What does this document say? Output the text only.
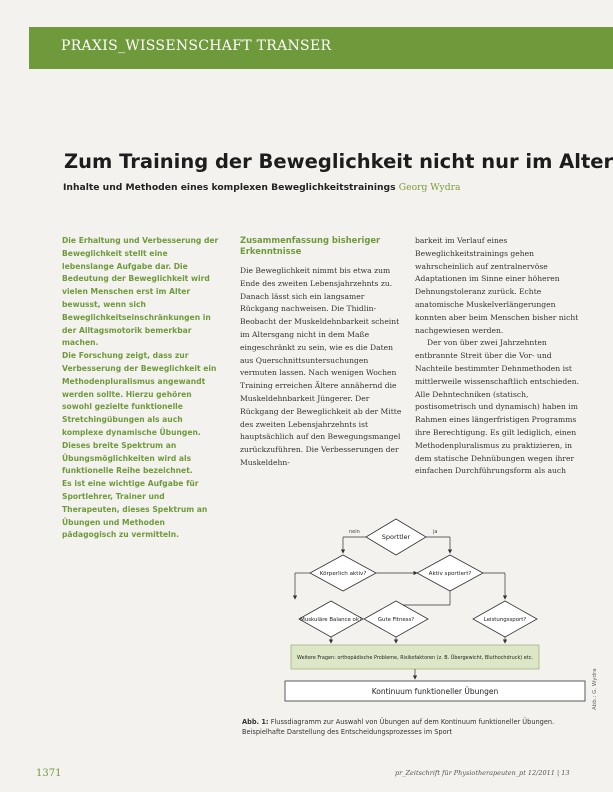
PRAXIS_WISSENSCHAFT TRANSER
Zum Training der Beweglichkeit nicht nur im Alter
Inhalte und Methoden eines komplexen Beweglichkeitstrainings Georg Wydra

Die Erhaltung und Verbesserung der Beweglichkeit stellt eine lebenslange Aufgabe dar. Die Bedeutung der Beweglichkeit wird vielen Menschen erst im Alter bewusst, wenn sich Beweglichkeitseinschränkungen in der Alltagsmotorik bemerkbar machen.

Die Forschung zeigt, dass zur Verbesserung der Beweglichkeit ein Methodenpluralismus angewandt werden sollte. Hierzu gehören sowohl gezielte funktionelle Stretchingübungen als auch komplexe dynamische Übungen. Dieses breite Spektrum an Übungsmöglichkeiten wird als funktionelle Reihe bezeichnet.

Es ist eine wichtige Aufgabe für Sportlehrer, Trainer und Therapeuten, dieses Spektrum an Übungen und Methoden pädagogisch zu vermitteln.

Zusammenfassung bisheriger Erkenntnisse

Die Beweglichkeit nimmt bis etwa zum Ende des zweiten Lebensjahrzehnts zu. Danach lässt sich ein langsamer Rückgang nachweisen. Die Thidlin-Beobacht der Muskeldehnbarkeit scheint im Altersgang nicht in dem Maße eingeschränkt zu sein, wie es die Daten aus Querschnittsuntersuchungen vermuten lassen. Nach wenigen Wochen Training erreichen Ältere annähernd die Muskeldehnbarkeit Jüngerer. Der Rückgang der Beweglichkeit ab der Mitte des zweiten Lebensjahrzehnts ist hauptsächlich auf den Bewegungsmangel zurückzuführen. Die Verbesserungen der Muskeldehn-

barkeit im Verlauf eines Beweglichkeitstrainings gehen wahrscheinlich auf zentralnervöse Adaptationen im Sinne einer höheren Dehnungstoleranz zurück. Echte anatomische Muskelverlängerungen konnten aber beim Menschen bisher nicht nachgewiesen werden.

Der von über zwei Jahrzehnten entbrannte Streit über die Vor- und Nachteile bestimmter Dehnmethoden ist mittlerweile wissenschaftlich entschieden. Alle Dehntechniken (statisch, postisometrisch und dynamisch) haben im Rahmen eines längerfristigen Programms ihre Berechtigung. Es gilt lediglich, einen Methodenpluralismus zu praktizieren, in dem statische Dehnübungen wegen ihrer einfachen Durchführungsform als auch

Sporttler
ja
nein
Körperlich aktiv?	Aktiv sportiert?
Muskuläre Balance ok?	Gute Fitness?	Leistungssport?
Weitere Fragen: orthopädische Probleme, Risikofaktoren (z. B. Übergewicht, Bluthochdruck) etc.
Kontinuum funktioneller Übungen
Abb. 1: Flussdiagramm zur Auswahl von Übungen auf dem Kontinuum funktioneller Übungen. Beispielhafte Darstellung des Entscheidungsprozesses im Sport
Abb.: G. Wydra
1371	pr_Zeitschrift für Physiotherapeuten_pt 12/2011 | 13
